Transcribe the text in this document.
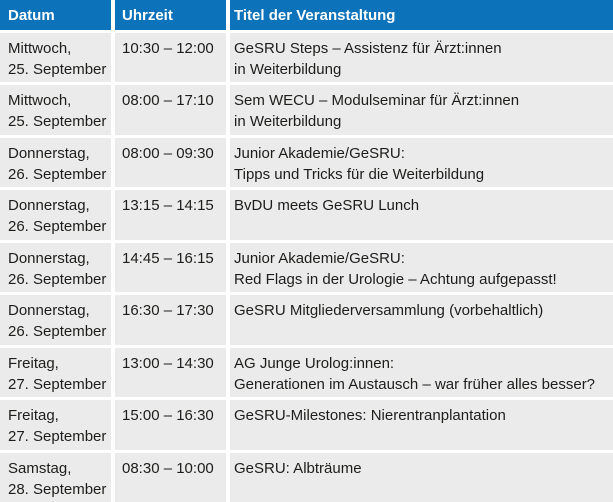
Datum	Uhrzeit	Titel der Veranstaltung
Mittwoch,
25. September
10:30 – 12:00	GeSRU Steps – Assistenz für Ärzt:innen
in Weiterbildung
Mittwoch,
25. September
08:00 – 17:10	Sem WECU – Modulseminar für Ärzt:innen
in Weiterbildung
Donnerstag,
26. September
08:00 – 09:30	Junior Akademie/GeSRU:
Tipps und Tricks für die Weiterbildung
Donnerstag,
26. September
13:15 – 14:15	BvDU meets GeSRU Lunch
Donnerstag,
26. September
14:45 – 16:15	Junior Akademie/GeSRU:
Red Flags in der Urologie – Achtung aufgepasst!
Donnerstag,
26. September
16:30 – 17:30	GeSRU Mitgliederversammlung (vorbehaltlich)
Freitag,
27. September
13:00 – 14:30	AG Junge Urolog:innen:
Generationen im Austausch – war früher alles besser?
Freitag,
27. September
15:00 – 16:30	GeSRU-Milestones: Nierentranplantation
Samstag,
28. September
08:30 – 10:00	GeSRU: Albträume
